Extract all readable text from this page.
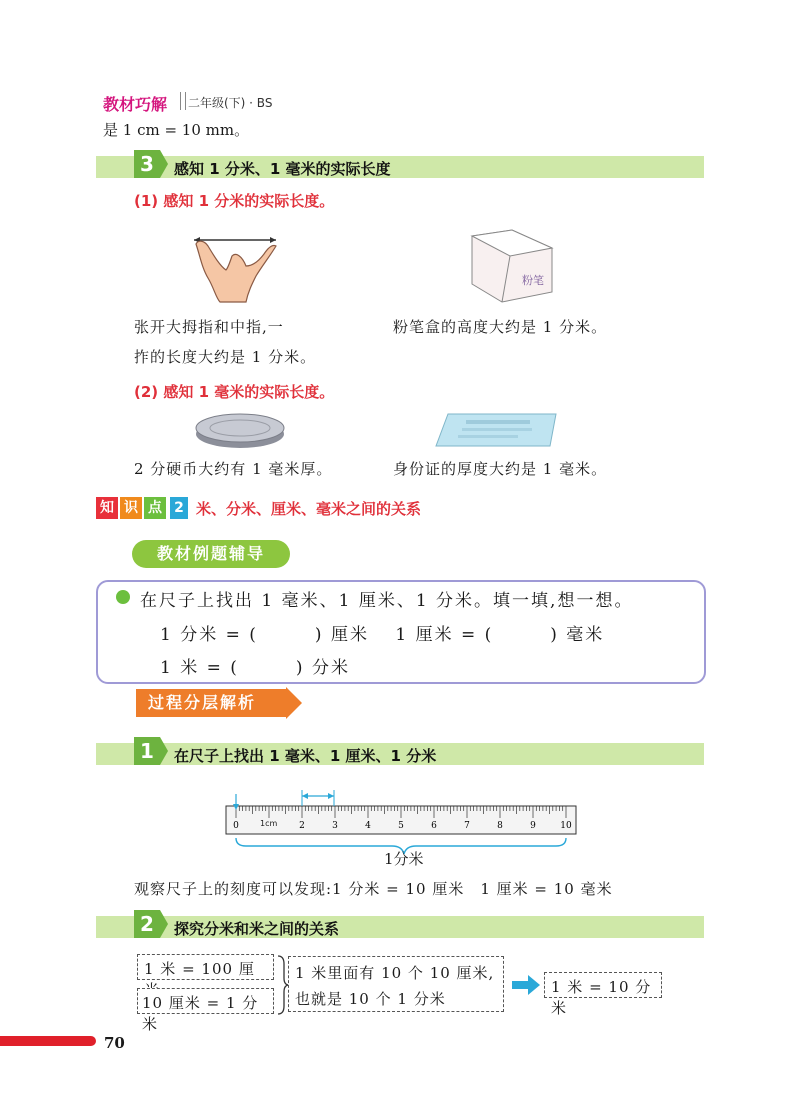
教材巧解 二年级(下) · BS
是 1 cm = 10 mm。
3	感知 1 分米、1 毫米的实际长度
(1) 感知 1 分米的实际长度。
粉笔
张开大拇指和中指,一
拃的长度大约是 1 分米。
粉笔盒的高度大约是 1 分米。
(2) 感知 1 毫米的实际长度。
2 分硬币大约有 1 毫米厚。	身份证的厚度大约是 1 毫米。
知 识 点 2 米、分米、厘米、毫米之间的关系
教材例题辅导
在尺子上找出 1 毫米、1 厘米、1 分米。填一填,想一想。
1 分米 = (　　　) 厘米　 1 厘米 = (　　　) 毫米
1 米 = (　　　) 分米
过程分层解析
1	在尺子上找出 1 毫米、1 厘米、1 分米
0	2	3	4	5	6	7	8	9	10
1分米
1cm
观察尺子上的刻度可以发现:1 分米 = 10 厘米　1 厘米 = 10 毫米
2	探究分米和米之间的关系
1 米 = 100 厘
10 厘米 = 1 分米
1 米里面有 10 个 10 厘米,
也就是 10 个 1 分米
1 米 = 10 分米
70
